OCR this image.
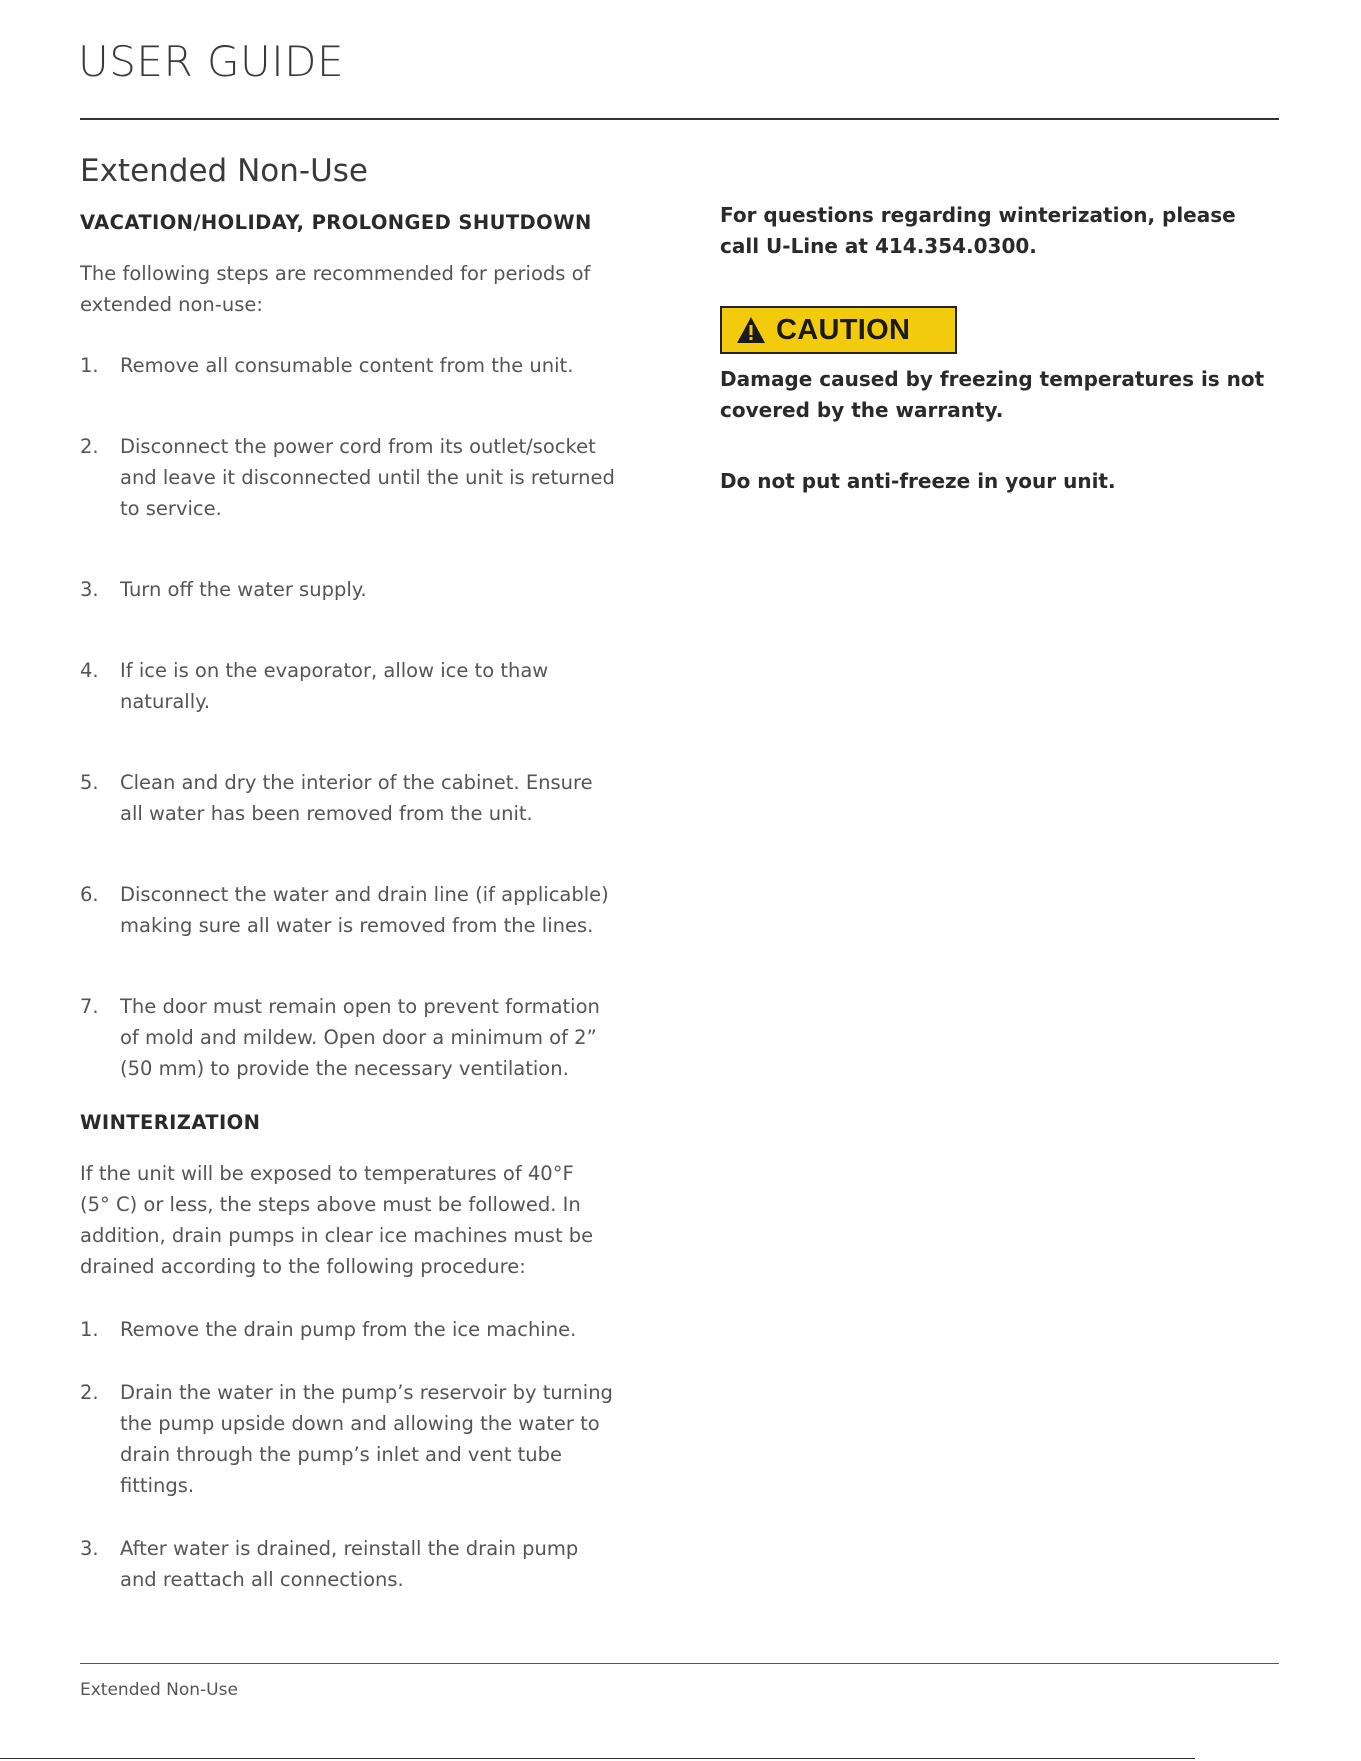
USER GUIDE
Extended Non-Use
VACATION/HOLIDAY, PROLONGED SHUTDOWN

The following steps are recommended for periods of extended non-use:

1.	Remove all consumable content from the unit.
2.	Disconnect the power cord from its outlet/socket and leave it disconnected until the unit is returned to service.
3.	Turn off the water supply.
4.	If ice is on the evaporator, allow ice to thaw naturally.
5.	Clean and dry the interior of the cabinet. Ensure all water has been removed from the unit.
6.	Disconnect the water and drain line (if applicable) making sure all water is removed from the lines.
7.	The door must remain open to prevent formation of mold and mildew. Open door a minimum of 2” (50 mm) to provide the necessary ventilation.
WINTERIZATION

If the unit will be exposed to temperatures of 40°F (5° C) or less, the steps above must be followed. In addition, drain pumps in clear ice machines must be drained according to the following procedure:

1.	Remove the drain pump from the ice machine.
2.	Drain the water in the pump’s reservoir by turning the pump upside down and allowing the water to drain through the pump’s inlet and vent tube fittings.
3.	After water is drained, reinstall the drain pump and reattach all connections.

For questions regarding winterization, please call U-Line at 414.354.0300.

CAUTION

Damage caused by freezing temperatures is not covered by the warranty.

Do not put anti-freeze in your unit.

Extended Non-Use
